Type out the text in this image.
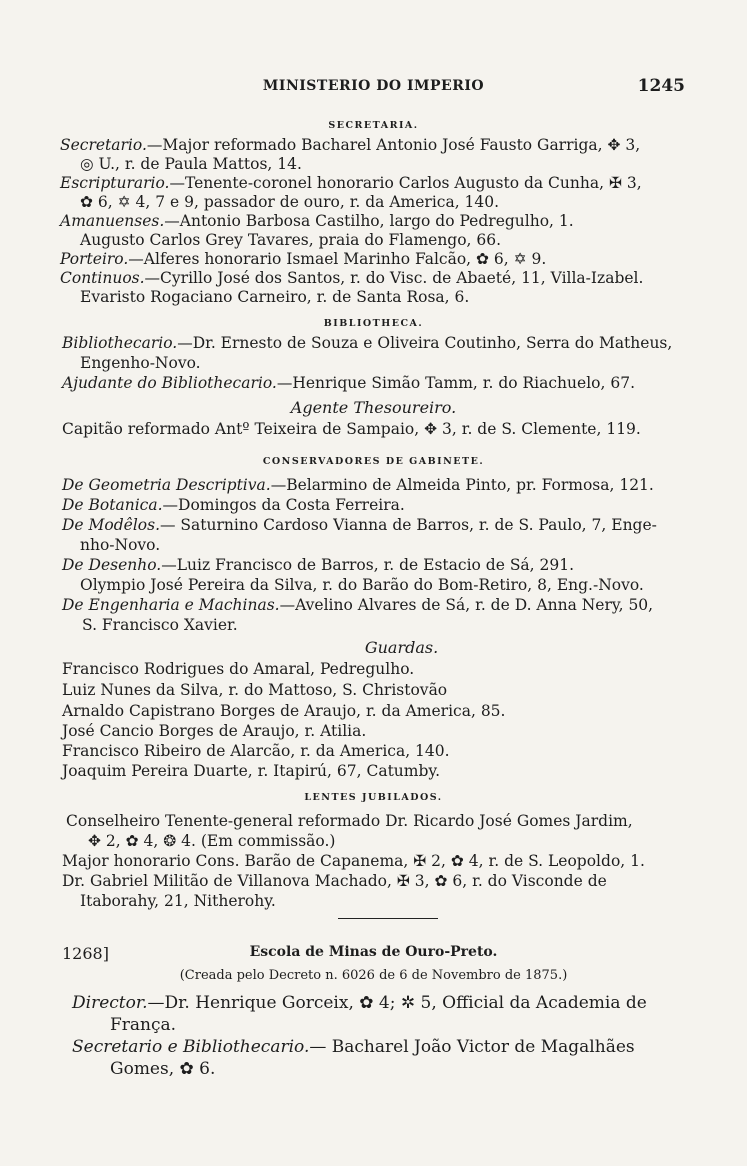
MINISTERIO DO IMPERIO	1245
SECRETARIA.
Secretario.—Major reformado Bacharel Antonio José Fausto Garriga, ✥ 3,
◎ U., r. de Paula Mattos, 14.
Escripturario.—Tenente-coronel honorario Carlos Augusto da Cunha, ✠ 3,
✿ 6, ✡ 4, 7 e 9, passador de ouro, r. da America, 140.
Amanuenses.—Antonio Barbosa Castilho, largo do Pedregulho, 1.
Augusto Carlos Grey Tavares, praia do Flamengo, 66.
Porteiro.—Alferes honorario Ismael Marinho Falcão, ✿ 6, ✡ 9.
Continuos.—Cyrillo José dos Santos, r. do Visc. de Abaeté, 11, Villa-Izabel.
Evaristo Rogaciano Carneiro, r. de Santa Rosa, 6.
BIBLIOTHECA.
Bibliothecario.—Dr. Ernesto de Souza e Oliveira Coutinho, Serra do Matheus,
Engenho-Novo.
Ajudante do Bibliothecario.—Henrique Simão Tamm, r. do Riachuelo, 67.
Agente Thesoureiro.
Capitão reformado Antº Teixeira de Sampaio, ✥ 3, r. de S. Clemente, 119.
CONSERVADORES DE GABINETE.
De Geometria Descriptiva.—Belarmino de Almeida Pinto, pr. Formosa, 121.
De Botanica.—Domingos da Costa Ferreira.
De Modêlos.— Saturnino Cardoso Vianna de Barros, r. de S. Paulo, 7, Enge-
nho-Novo.
De Desenho.—Luiz Francisco de Barros, r. de Estacio de Sá, 291.
Olympio José Pereira da Silva, r. do Barão do Bom-Retiro, 8, Eng.-Novo.
De Engenharia e Machinas.—Avelino Alvares de Sá, r. de D. Anna Nery, 50,
S. Francisco Xavier.
Guardas.
Francisco Rodrigues do Amaral, Pedregulho.
Luiz Nunes da Silva, r. do Mattoso, S. Christovão
Arnaldo Capistrano Borges de Araujo, r. da America, 85.
José Cancio Borges de Araujo, r. Atilia.
Francisco Ribeiro de Alarcão, r. da America, 140.
Joaquim Pereira Duarte, r. Itapirú, 67, Catumby.
LENTES JUBILADOS.
Conselheiro Tenente-general reformado Dr. Ricardo José Gomes Jardim,
✥ 2, ✿ 4, ❂ 4. (Em commissão.)
Major honorario Cons. Barão de Capanema, ✠ 2, ✿ 4, r. de S. Leopoldo, 1.
Dr. Gabriel Militão de Villanova Machado, ✠ 3, ✿ 6, r. do Visconde de
Itaborahy, 21, Nitherohy.
1268]	Escola de Minas de Ouro-Preto.
(Creada pelo Decreto n. 6026 de 6 de Novembro de 1875.)
Director.—Dr. Henrique Gorceix, ✿ 4; ✲ 5, Official da Academia de
França.
Secretario e Bibliothecario.— Bacharel João Victor de Magalhães
Gomes, ✿ 6.
